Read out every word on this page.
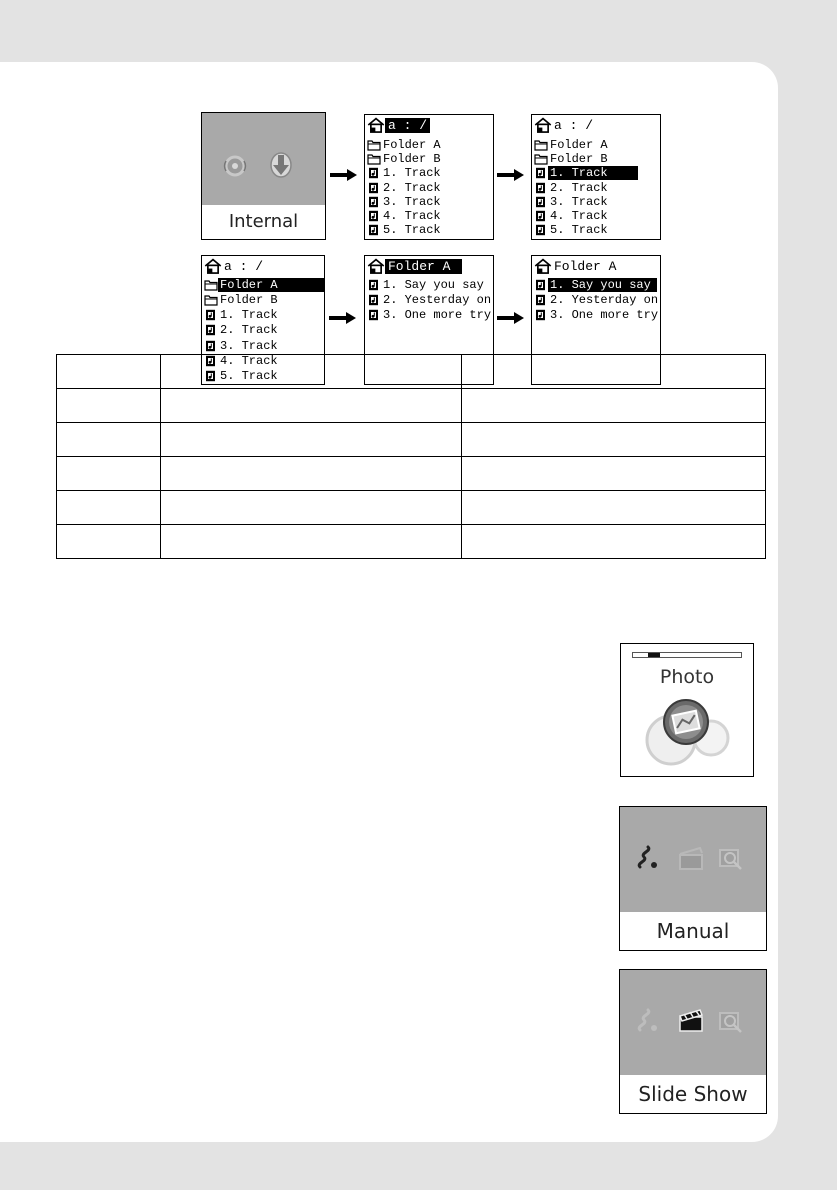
Internal
a : /
Folder A
Folder B
1. Track
2. Track
3. Track
4. Track
5. Track
a : /
Folder A
Folder B
1. Track
2. Track
3. Track
4. Track
5. Track
a : /
Folder A
Folder B
1. Track
2. Track
3. Track
4. Track
5. Track
Folder A
1. Say you say
2. Yesterday on
3. One more try
Folder A
1. Say you say
2. Yesterday on
3. One more try

Photo
Manual
Slide Show
